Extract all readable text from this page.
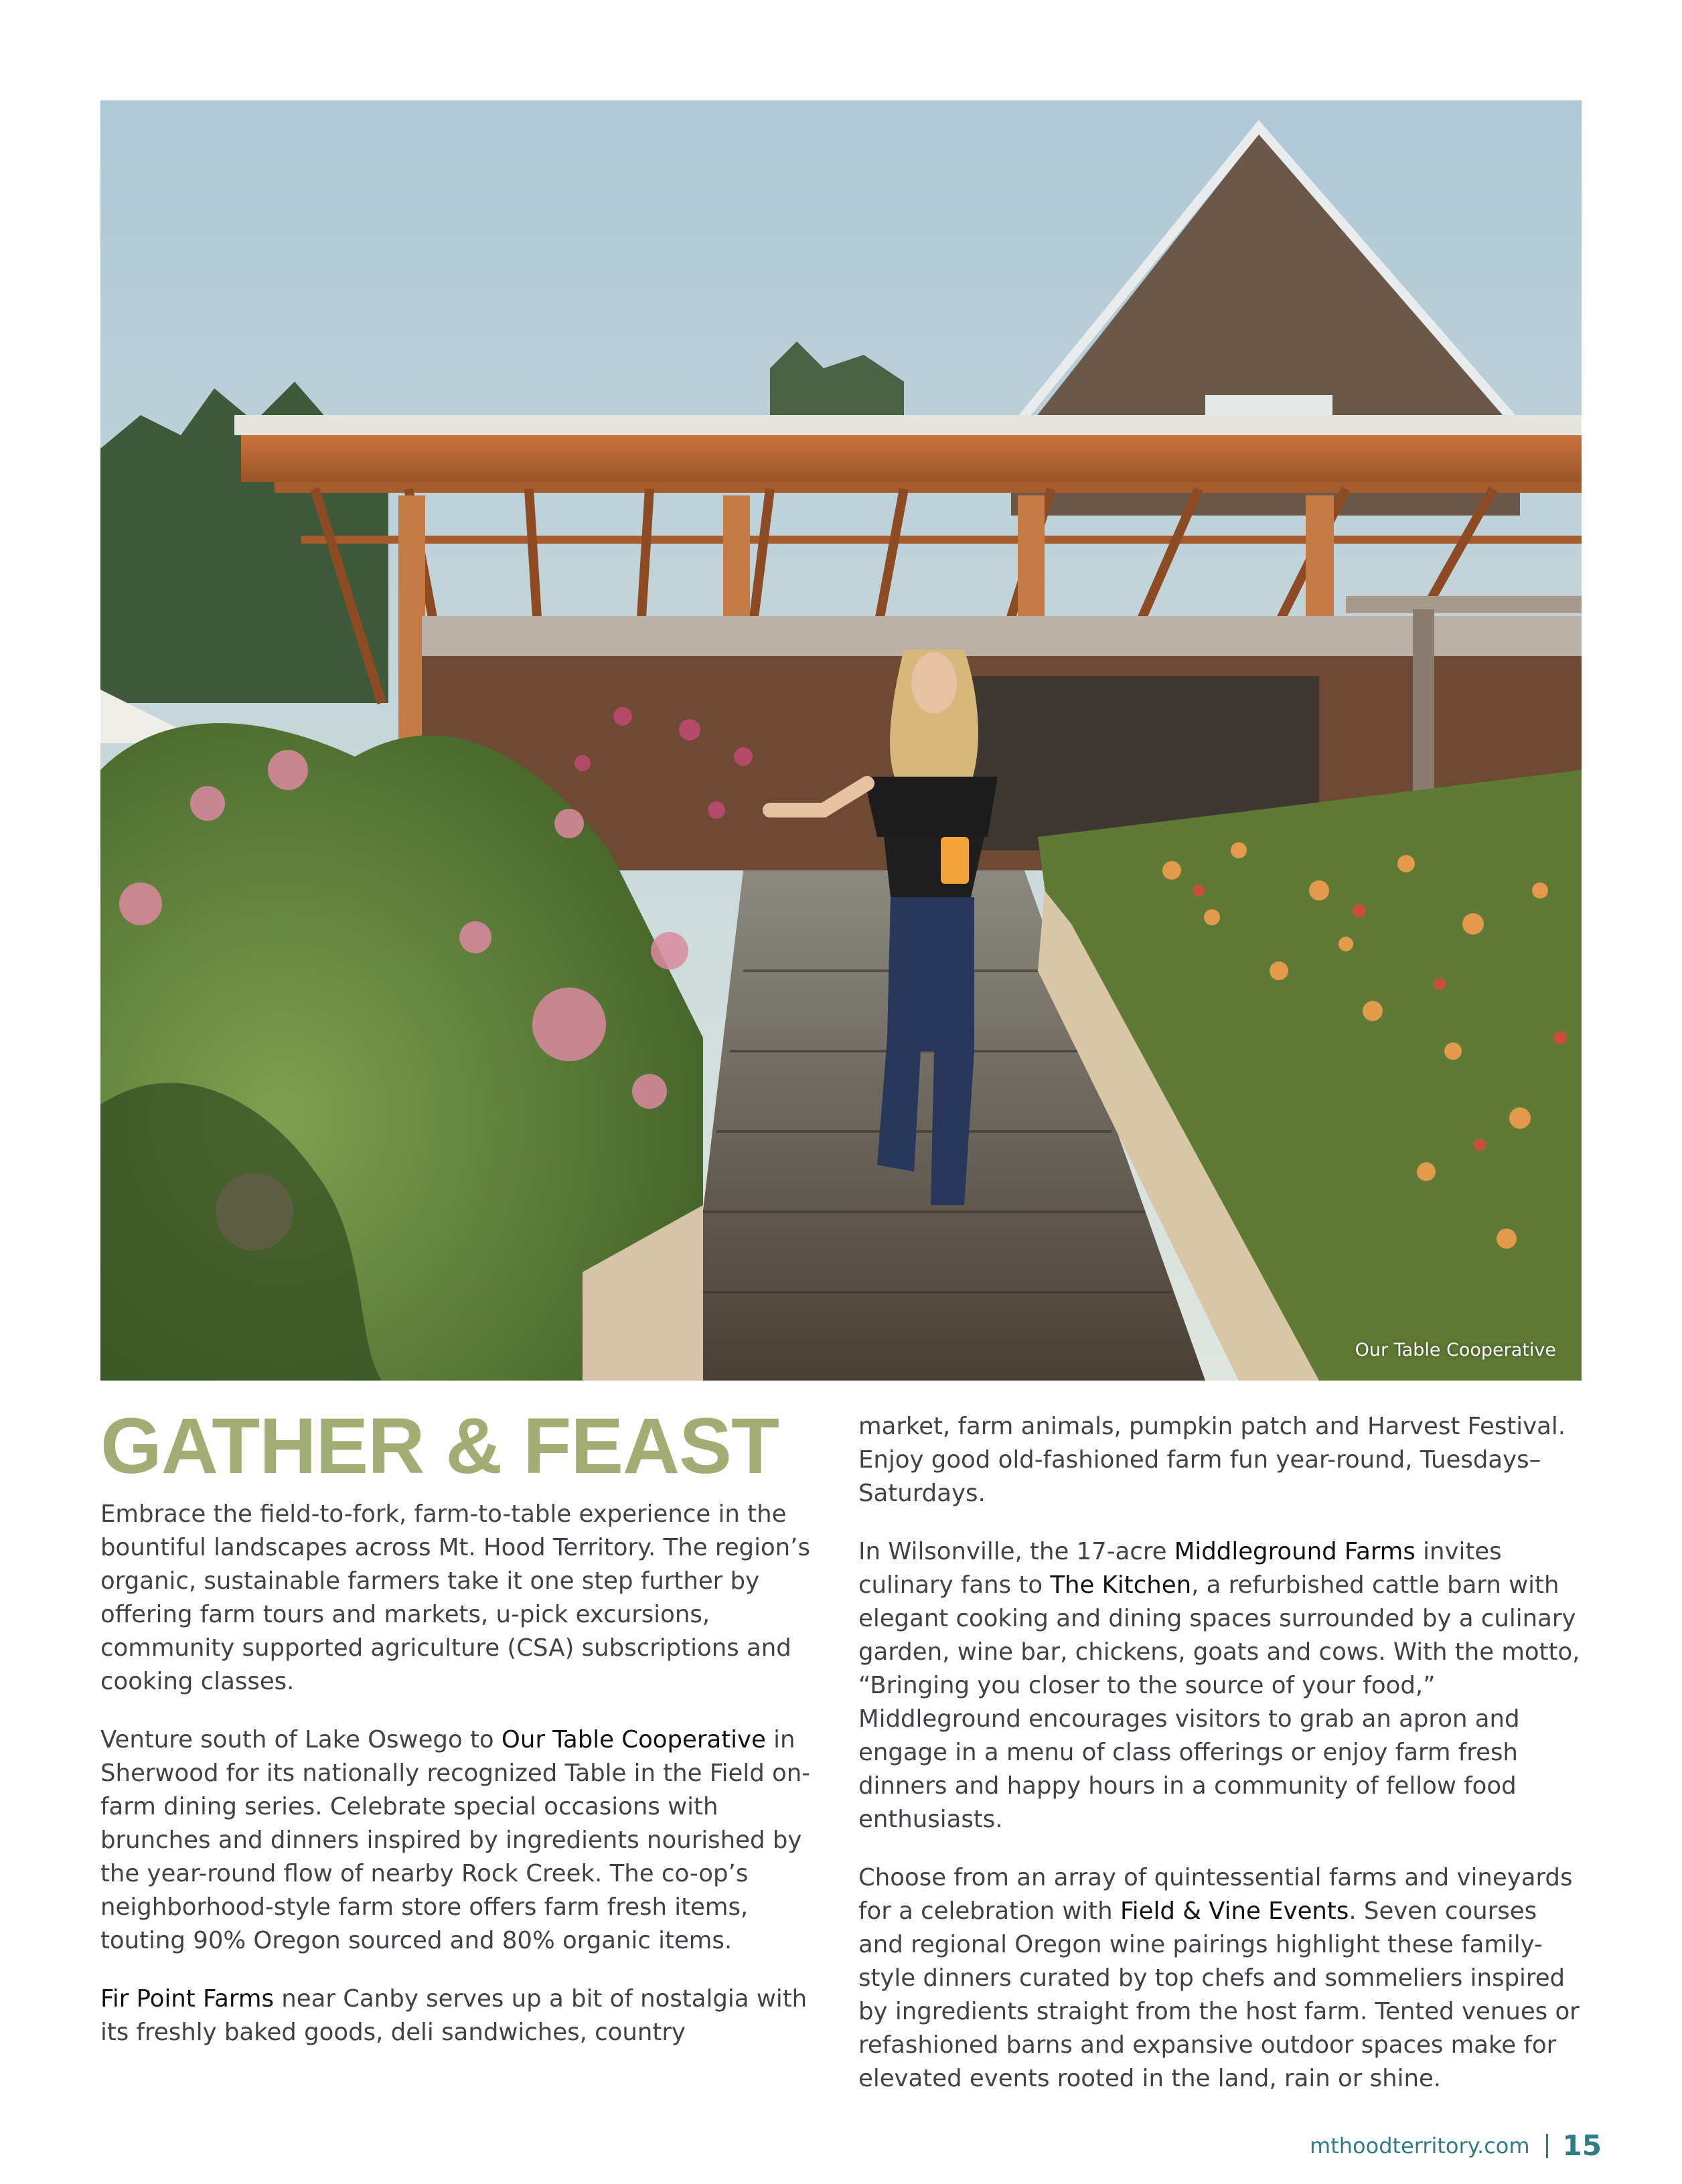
Our Table Cooperative
GATHER & FEAST

Embrace the field-to-fork, farm-to-table experience in the bountiful landscapes across Mt. Hood Territory. The region’s organic, sustainable farmers take it one step further by offering farm tours and markets, u-pick excursions, community supported agriculture (CSA) subscriptions and cooking classes.

Venture south of Lake Oswego to Our Table Cooperative in Sherwood for its nationally recognized Table in the Field on-farm dining series. Celebrate special occasions with brunches and dinners inspired by ingredients nourished by the year-round flow of nearby Rock Creek. The co-op’s neighborhood-style farm store offers farm fresh items, touting 90% Oregon sourced and 80% organic items.

Fir Point Farms near Canby serves up a bit of nostalgia with its freshly baked goods, deli sandwiches, country

market, farm animals, pumpkin patch and Harvest Festival. Enjoy good old-fashioned farm fun year-round, Tuesdays–Saturdays.

In Wilsonville, the 17-acre Middleground Farms invites culinary fans to The Kitchen, a refurbished cattle barn with elegant cooking and dining spaces surrounded by a culinary garden, wine bar, chickens, goats and cows. With the motto, “Bringing you closer to the source of your food,” Middleground encourages visitors to grab an apron and engage in a menu of class offerings or enjoy farm fresh dinners and happy hours in a community of fellow food enthusiasts.

Choose from an array of quintessential farms and vineyards for a celebration with Field & Vine Events. Seven courses and regional Oregon wine pairings highlight these family-style dinners curated by top chefs and sommeliers inspired by ingredients straight from the host farm. Tented venues or refashioned barns and expansive outdoor spaces make for elevated events rooted in the land, rain or shine.

mthoodterritory.com 15
